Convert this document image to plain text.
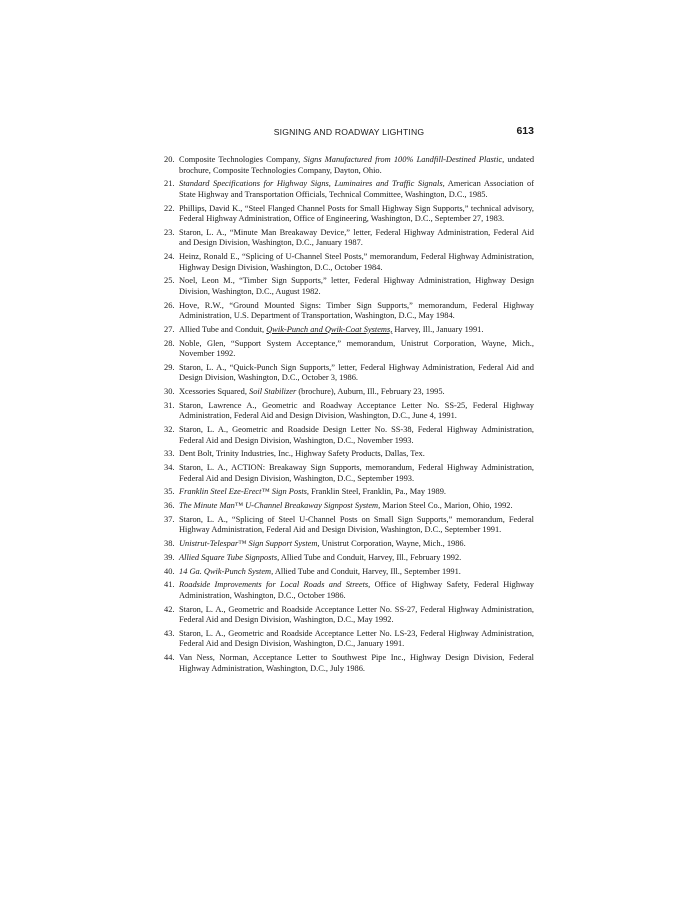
SIGNING AND ROADWAY LIGHTING	613
20. Composite Technologies Company, Signs Manufactured from 100% Landfill-Destined Plastic, undated brochure, Composite Technologies Company, Dayton, Ohio.
21. Standard Specifications for Highway Signs, Luminaires and Traffic Signals, American Association of State Highway and Transportation Officials, Technical Committee, Washington, D.C., 1985.
22. Phillips, David K., “Steel Flanged Channel Posts for Small Highway Sign Supports,” technical advisory, Federal Highway Administration, Office of Engineering, Washington, D.C., September 27, 1983.
23. Staron, L. A., “Minute Man Breakaway Device,” letter, Federal Highway Administration, Federal Aid and Design Division, Washington, D.C., January 1987.
24. Heinz, Ronald E., “Splicing of U-Channel Steel Posts,” memorandum, Federal Highway Administration, Highway Design Division, Washington, D.C., October 1984.
25. Noel, Leon M., “Timber Sign Supports,” letter, Federal Highway Administration, Highway Design Division, Washington, D.C., August 1982.
26. Hove, R.W., “Ground Mounted Signs: Timber Sign Supports,” memorandum, Federal Highway Administration, U.S. Department of Transportation, Washington, D.C., May 1984.
27. Allied Tube and Conduit, Qwik-Punch and Qwik-Coat Systems, Harvey, Ill., January 1991.
28. Noble, Glen, “Support System Acceptance,” memorandum, Unistrut Corporation, Wayne, Mich., November 1992.
29. Staron, L. A., “Quick-Punch Sign Supports,” letter, Federal Highway Administration, Federal Aid and Design Division, Washington, D.C., October 3, 1986.
30. Xcessories Squared, Soil Stabilizer (brochure), Auburn, Ill., February 23, 1995.
31. Staron, Lawrence A., Geometric and Roadway Acceptance Letter No. SS-25, Federal Highway Administration, Federal Aid and Design Division, Washington, D.C., June 4, 1991.
32. Staron, L. A., Geometric and Roadside Design Letter No. SS-38, Federal Highway Administration, Federal Aid and Design Division, Washington, D.C., November 1993.
33. Dent Bolt, Trinity Industries, Inc., Highway Safety Products, Dallas, Tex.
34. Staron, L. A., ACTION: Breakaway Sign Supports, memorandum, Federal Highway Administration, Federal Aid and Design Division, Washington, D.C., September 1993.
35. Franklin Steel Eze-Erect™ Sign Posts, Franklin Steel, Franklin, Pa., May 1989.
36. The Minute Man™ U-Channel Breakaway Signpost System, Marion Steel Co., Marion, Ohio, 1992.
37. Staron, L. A., “Splicing of Steel U-Channel Posts on Small Sign Supports,” memorandum, Federal Highway Administration, Federal Aid and Design Division, Washington, D.C., September 1991.
38. Unistrut-Telespar™ Sign Support System, Unistrut Corporation, Wayne, Mich., 1986.
39. Allied Square Tube Signposts, Allied Tube and Conduit, Harvey, Ill., February 1992.
40. 14 Ga. Qwik-Punch System, Allied Tube and Conduit, Harvey, Ill., September 1991.
41. Roadside Improvements for Local Roads and Streets, Office of Highway Safety, Federal Highway Administration, Washington, D.C., October 1986.
42. Staron, L. A., Geometric and Roadside Acceptance Letter No. SS-27, Federal Highway Administration, Federal Aid and Design Division, Washington, D.C., May 1992.
43. Staron, L. A., Geometric and Roadside Acceptance Letter No. LS-23, Federal Highway Administration, Federal Aid and Design Division, Washington, D.C., January 1991.
44. Van Ness, Norman, Acceptance Letter to Southwest Pipe Inc., Highway Design Division, Federal Highway Administration, Washington, D.C., July 1986.
